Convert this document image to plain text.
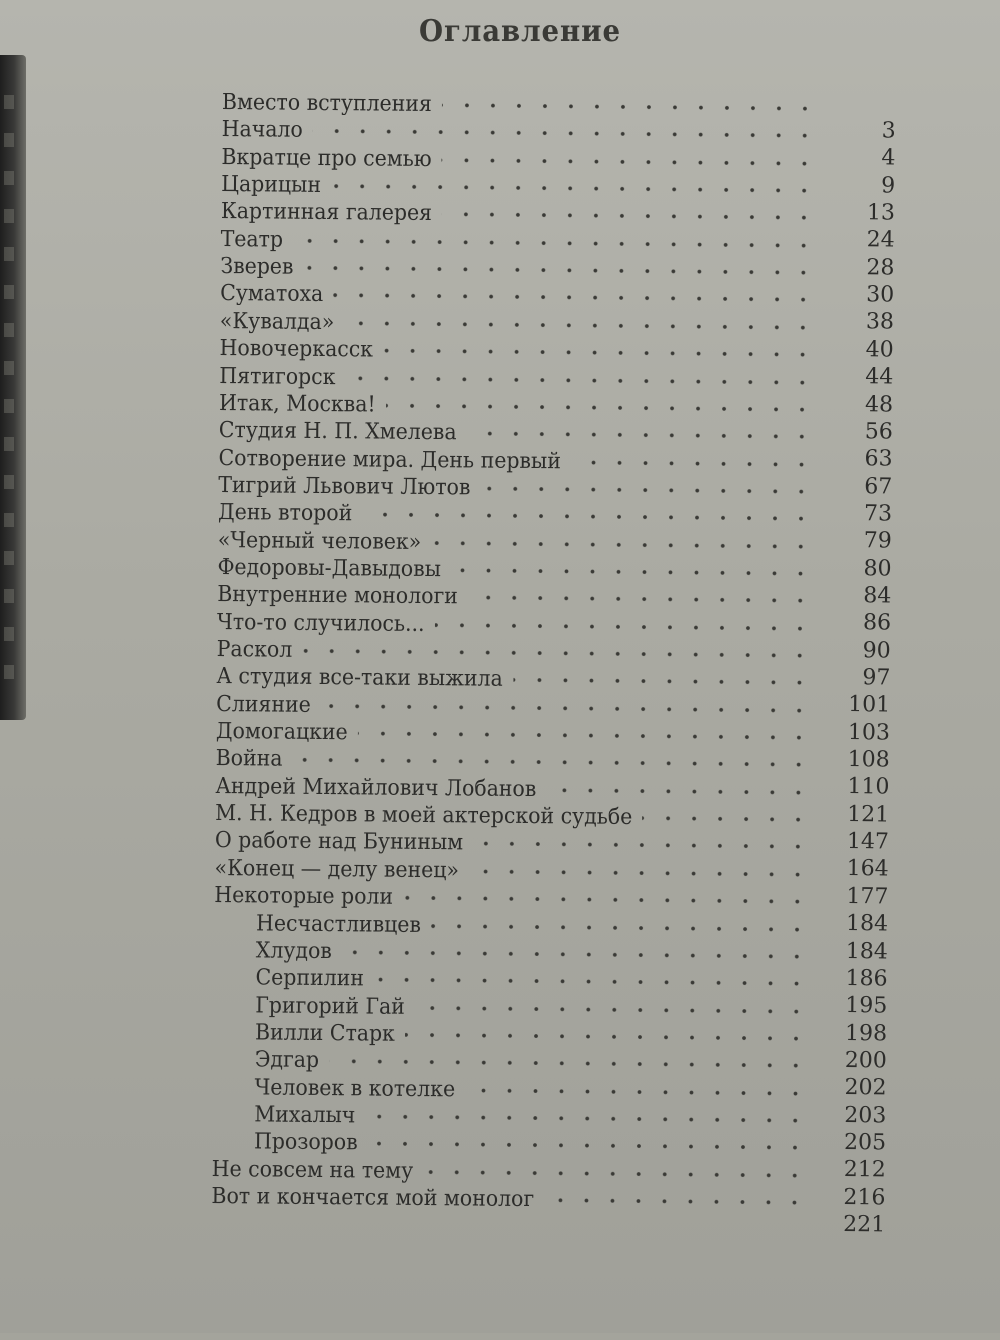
Оглавление
Вместо вступления
3
Начало
4
Вкратце про семью
9
Царицын
13
Картинная галерея
24
Театр
28
Зверев
30
Суматоха
38
«Кувалда»
40
Новочеркасск
44
Пятигорск
48
Итак, Москва!
56
Студия Н. П. Хмелева
63
Сотворение мира. День первый
67
Тигрий Львович Лютов
73
День второй
79
«Черный человек»
80
Федоровы-Давыдовы
84
Внутренние монологи
86
Что-то случилось...
90
Раскол
97
А студия все-таки выжила
101
Слияние
103
Домогацкие
108
Война
110
Андрей Михайлович Лобанов
121
М. Н. Кедров в моей актерской судьбе
147
О работе над Буниным
164
«Конец — делу венец»
177
Некоторые роли
184
Несчастливцев
184
Хлудов
186
Серпилин
195
Григорий Гай
198
Вилли Старк
200
Эдгар
202
Человек в котелке
203
Михалыч
205
Прозоров
212
Не совсем на тему
216
Вот и кончается мой монолог
221
